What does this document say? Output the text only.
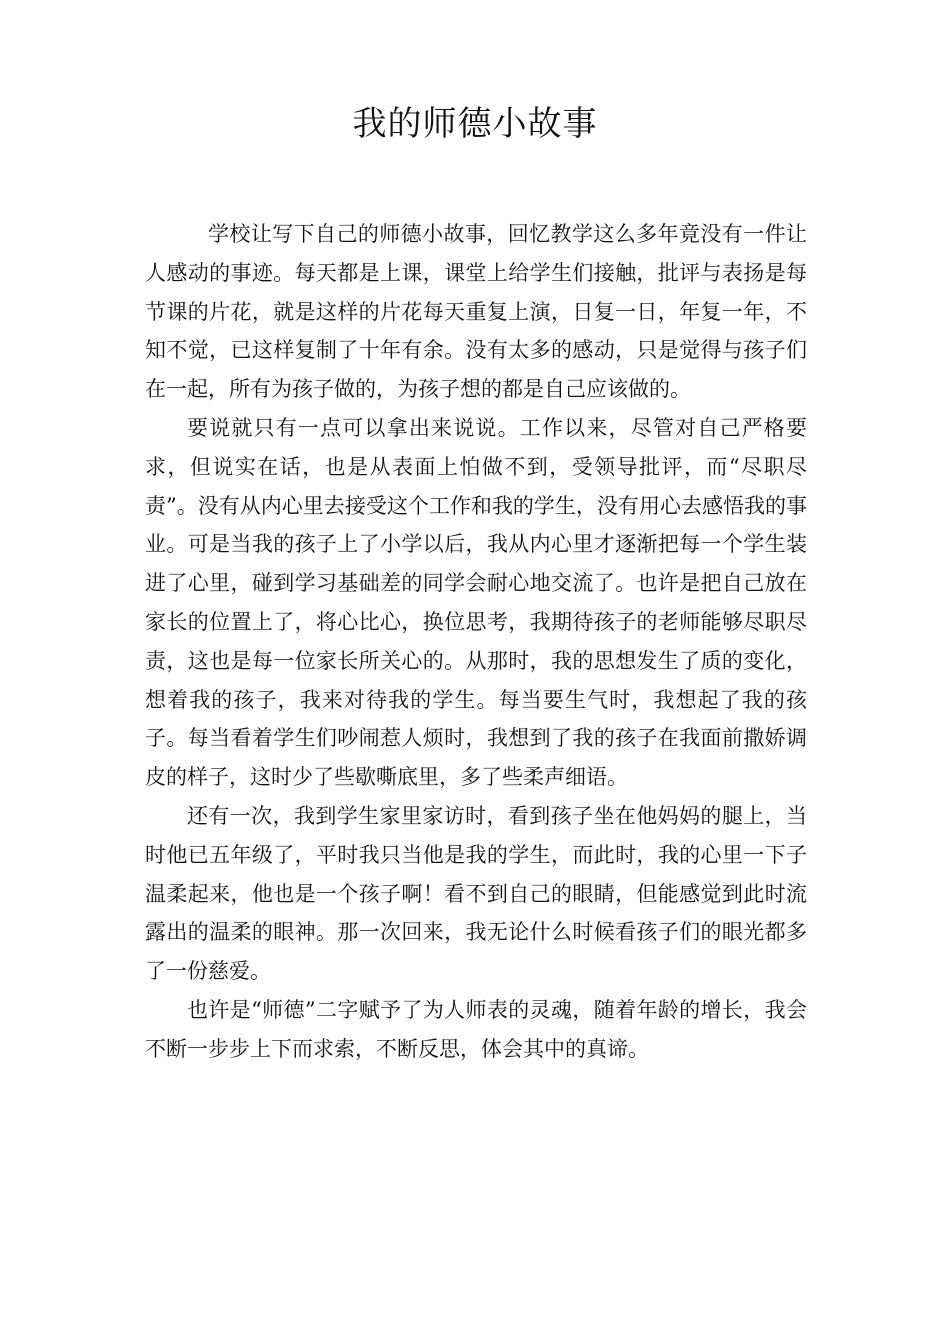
我的师德小故事

学校让写下自己的师德小故事，回忆教学这么多年竟没有一件让人感动的事迹。每天都是上课，课堂上给学生们接触，批评与表扬是每节课的片花，就是这样的片花每天重复上演，日复一日，年复一年，不知不觉，已这样复制了十年有余。没有太多的感动，只是觉得与孩子们在一起，所有为孩子做的，为孩子想的都是自己应该做的。

要说就只有一点可以拿出来说说。工作以来，尽管对自己严格要求，但说实在话，也是从表面上怕做不到，受领导批评，而“尽职尽责”。没有从内心里去接受这个工作和我的学生，没有用心去感悟我的事业。可是当我的孩子上了小学以后，我从内心里才逐渐把每一个学生装进了心里，碰到学习基础差的同学会耐心地交流了。也许是把自己放在家长的位置上了，将心比心，换位思考，我期待孩子的老师能够尽职尽责，这也是每一位家长所关心的。从那时，我的思想发生了质的变化，想着我的孩子，我来对待我的学生。每当要生气时，我想起了我的孩子。每当看着学生们吵闹惹人烦时，我想到了我的孩子在我面前撒娇调皮的样子，这时少了些歇嘶底里，多了些柔声细语。

还有一次，我到学生家里家访时，看到孩子坐在他妈妈的腿上，当时他已五年级了，平时我只当他是我的学生，而此时，我的心里一下子温柔起来，他也是一个孩子啊！看不到自己的眼睛，但能感觉到此时流露出的温柔的眼神。那一次回来，我无论什么时候看孩子们的眼光都多了一份慈爱。

也许是“师德”二字赋予了为人师表的灵魂，随着年龄的增长，我会不断一步步上下而求索，不断反思，体会其中的真谛。
